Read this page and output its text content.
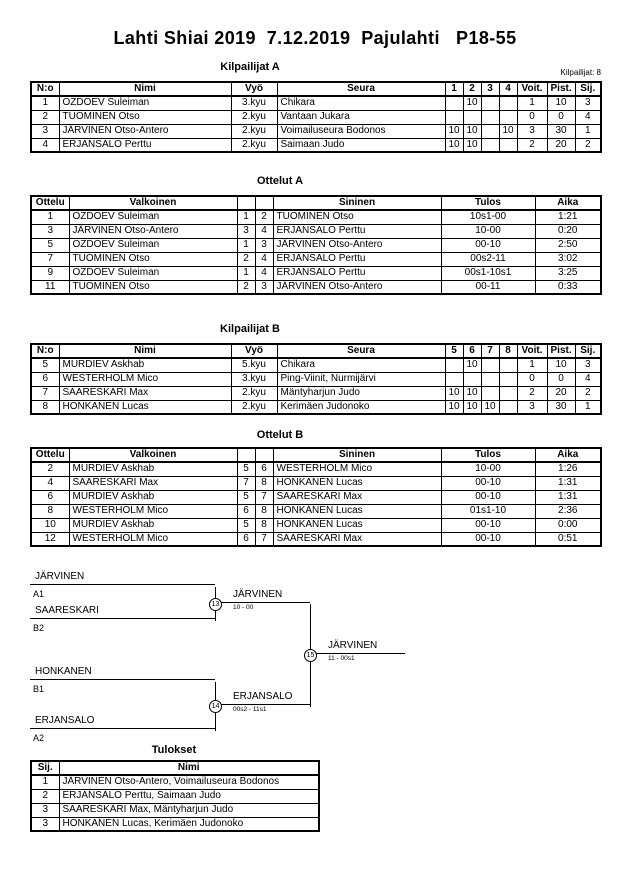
Lahti Shiai 2019  7.12.2019  Pajulahti   P18-55
Kilpailijat: 8
Kilpailijat A
N:o	Nimi	Vyö	Seura	1	2	3	4	Voit.	Pist.	Sij.
1	OZDOEV Suleiman	3.kyu	Chikara		10			1	10	3
2	TUOMINEN Otso	2.kyu	Vantaan Jukara					0	0	4
3	JÄRVINEN Otso-Antero	2.kyu	Voimailuseura Bodonos	10	10		10	3	30	1
4	ERJANSALO Perttu	2.kyu	Saimaan Judo	10	10			2	20	2
Ottelut A
Ottelu	Valkoinen			Sininen	Tulos	Aika
1	OZDOEV Suleiman	1	2	TUOMINEN Otso	10s1-00	1:21
3	JÄRVINEN Otso-Antero	3	4	ERJANSALO Perttu	10-00	0:20
5	OZDOEV Suleiman	1	3	JÄRVINEN Otso-Antero	00-10	2:50
7	TUOMINEN Otso	2	4	ERJANSALO Perttu	00s2-11	3:02
9	OZDOEV Suleiman	1	4	ERJANSALO Perttu	00s1-10s1	3:25
11	TUOMINEN Otso	2	3	JÄRVINEN Otso-Antero	00-11	0:33
Kilpailijat B
N:o	Nimi	Vyö	Seura	5	6	7	8	Voit.	Pist.	Sij.
5	MURDIEV Askhab	5.kyu	Chikara		10			1	10	3
6	WESTERHOLM Mico	3.kyu	Ping-Viinit, Nurmijärvi					0	0	4
7	SAARESKARI Max	2.kyu	Mäntyharjun Judo	10	10			2	20	2
8	HONKANEN Lucas	2.kyu	Kerimäen Judonoko	10	10	10		3	30	1
Ottelut B
Ottelu	Valkoinen			Sininen	Tulos	Aika
2	MURDIEV Askhab	5	6	WESTERHOLM Mico	10-00	1:26
4	SAARESKARI Max	7	8	HONKANEN Lucas	00-10	1:31
6	MURDIEV Askhab	5	7	SAARESKARI Max	00-10	1:31
8	WESTERHOLM Mico	6	8	HONKANEN Lucas	01s1-10	2:36
10	MURDIEV Askhab	5	8	HONKANEN Lucas	00-10	0:00
12	WESTERHOLM Mico	6	7	SAARESKARI Max	00-10	0:51
JÄRVINEN
A1
SAARESKARI
B2
JÄRVINEN
10 - 00
13
HONKANEN
B1
ERJANSALO
A2
ERJANSALO
00s2 - 11s1
14
JÄRVINEN
11 - 00s1
15
Tulokset
Sij.	Nimi
1	JÄRVINEN Otso-Antero, Voimailuseura Bodonos
2	ERJANSALO Perttu, Saimaan Judo
3	SAARESKARI Max, Mäntyharjun Judo
3	HONKANEN Lucas, Kerimäen Judonoko
